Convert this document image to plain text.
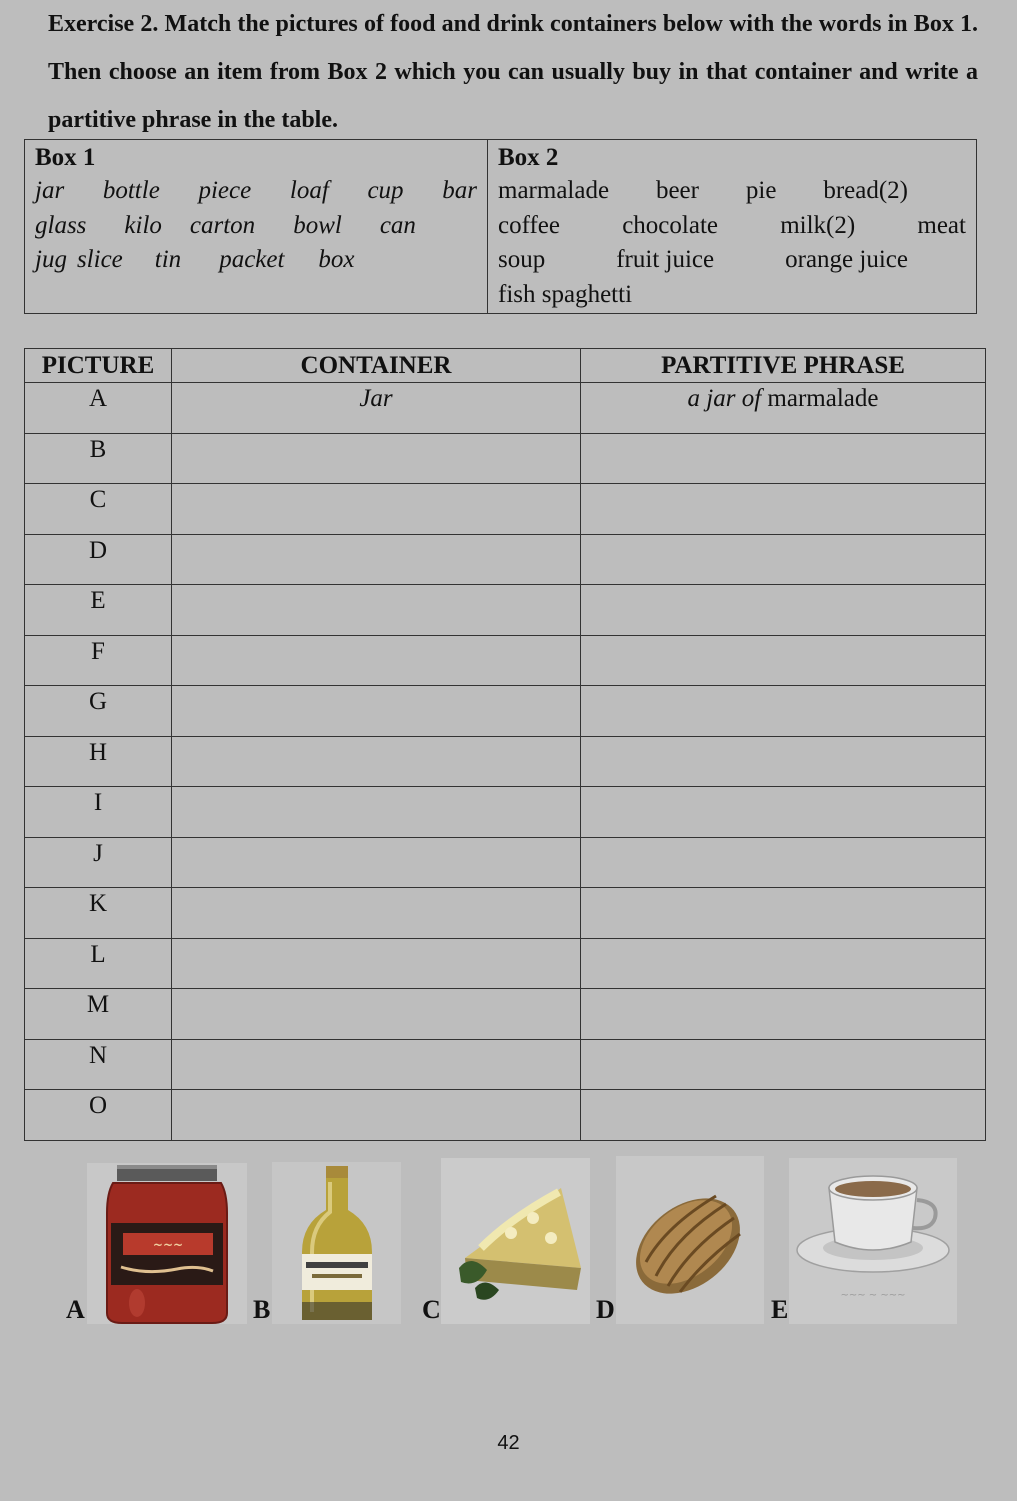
Exercise 2. Match the pictures of food and drink containers below with the words in Box 1. Then choose an item from Box 2 which you can usually buy in that container and write a partitive phrase in the table.
Box 1
jar bottle piece loaf cup bar
glass kilo carton bowl can
jug slice tin packet box
Box 2
marmalade beer pie bread(2)
coffee chocolate milk(2) meat
soup	fruit juice	orange juice
fish spaghetti
PICTURE	CONTAINER	PARTITIVE PHRASE
A	Jar	a jar of marmalade
B		
C		
D		
E		
F		
G		
H		
I		
J		
K		
L		
M		
N		
O		
A
~~~
B	C	D	E	~~~ ~ ~~~
42
